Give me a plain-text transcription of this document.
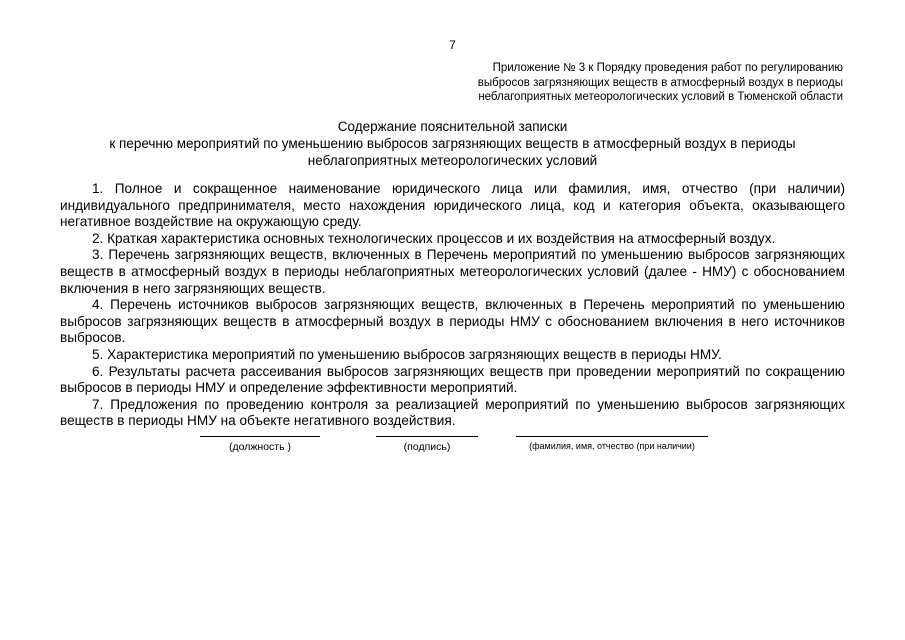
7
Приложение № 3 к Порядку проведения работ по регулированию
выбросов загрязняющих веществ в атмосферный воздух в периоды
неблагоприятных метеорологических условий в Тюменской области
Содержание пояснительной записки
к перечню мероприятий по уменьшению выбросов загрязняющих веществ в атмосферный воздух в периоды
неблагоприятных метеорологических условий

1. Полное и сокращенное наименование юридического лица или фамилия, имя, отчество (при наличии) индивидуального предпринимателя, место нахождения юридического лица, код и категория объекта, оказывающего негативное воздействие на окружающую среду.

2. Краткая характеристика основных технологических процессов и их воздействия на атмосферный воздух.

3. Перечень загрязняющих веществ, включенных в Перечень мероприятий по уменьшению выбросов загрязняющих веществ в атмосферный воздух в периоды неблагоприятных метеорологических условий (далее - НМУ) с обоснованием включения в него загрязняющих веществ.

4. Перечень источников выбросов загрязняющих веществ, включенных в Перечень мероприятий по уменьшению выбросов загрязняющих веществ в атмосферный воздух в периоды НМУ с обоснованием включения в него источников выбросов.

5. Характеристика мероприятий по уменьшению выбросов загрязняющих веществ в периоды НМУ.

6. Результаты расчета рассеивания выбросов загрязняющих веществ при проведении мероприятий по сокращению выбросов в периоды НМУ и определение эффективности мероприятий.

7. Предложения по проведению контроля за реализацией мероприятий по уменьшению выбросов загрязняющих веществ в периоды НМУ на объекте негативного воздействия.

(должность )	(подпись)	(фамилия, имя, отчество (при наличии)
